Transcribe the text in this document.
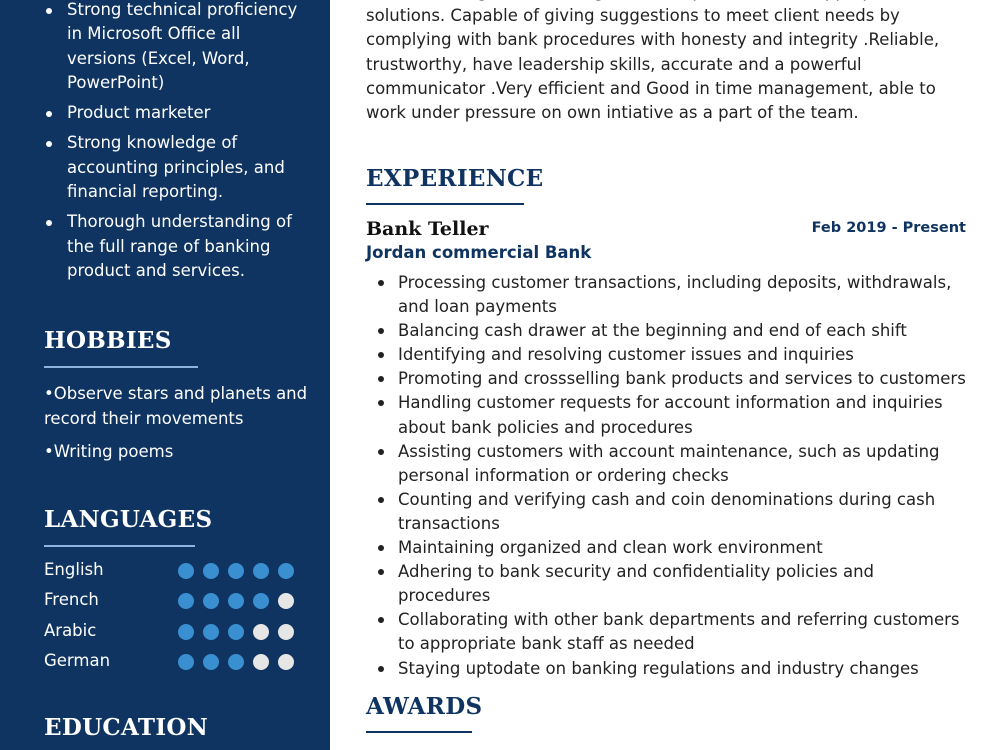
Strong technical proficiency in Microsoft Office all versions (Excel, Word, PowerPoint)
Product marketer
Strong knowledge of accounting principles, and financial reporting.
Thorough understanding of the full range of banking product and services.
HOBBIES
•Observe stars and planets and record their movements
•Writing poems
LANGUAGES
English
French
Arabic
German
EDUCATION

solutions. Capable of giving suggestions to meet client needs by complying with bank procedures with honesty and integrity .Reliable, trustworthy, have leadership skills, accurate and a powerful communicator .Very efficient and Good in time management, able to work under pressure on own intiative as a part of the team.

EXPERIENCE
Bank Teller	Feb 2019 - Present
Jordan commercial Bank
Processing customer transactions, including deposits, withdrawals, and loan payments
Balancing cash drawer at the beginning and end of each shift
Identifying and resolving customer issues and inquiries
Promoting and crossselling bank products and services to customers
Handling customer requests for account information and inquiries about bank policies and procedures
Assisting customers with account maintenance, such as updating personal information or ordering checks
Counting and verifying cash and coin denominations during cash transactions
Maintaining organized and clean work environment
Adhering to bank security and confidentiality policies and procedures
Collaborating with other bank departments and referring customers to appropriate bank staff as needed
Staying uptodate on banking regulations and industry changes
AWARDS
